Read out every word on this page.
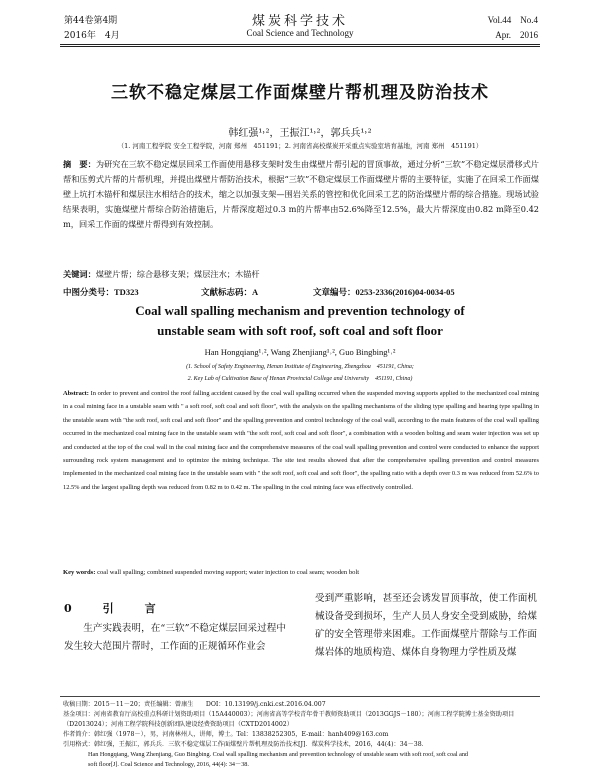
第44卷第4期
2016年　4月
煤炭科学技术
Coal Science and Technology
Vol.44　No.4
Apr.　2016
三软不稳定煤层工作面煤壁片帮机理及防治技术
韩红强¹˒²，王振江¹˒²，郭兵兵¹˒²
（1. 河南工程学院 安全工程学院，河南 郑州　451191；2. 河南省高校煤炭开采重点实验室培育基地，河南 郑州　451191）
摘　要：为研究在三软不稳定煤层回采工作面使用悬移支架时发生由煤壁片帮引起的冒顶事故，通过分析“三软”不稳定煤层滑移式片帮和压剪式片帮的片帮机理，并提出煤壁片帮防治技术，根据“三软”不稳定煤层工作面煤壁片帮的主要特征，实施了在回采工作面煤壁上坑打木锚杆和煤层注水相结合的技术，缩之以加强支架—围岩关系的管控和优化回采工艺的防治煤壁片帮的综合措施。现场试验结果表明，实施煤壁片帮综合防治措施后，片帮深度超过0.3 m的片帮率由52.6%降至12.5%，最大片帮深度由0.82 m降至0.42 m，回采工作面的煤壁片帮得到有效控制。
关键词：煤壁片帮；综合悬移支架；煤层注水；木锚杆
中图分类号：TD323	文献标志码：A	文章编号：0253-2336(2016)04-0034-05
Coal wall spalling mechanism and prevention technology of
unstable seam with soft roof, soft coal and soft floor
Han Hongqiang¹˒², Wang Zhenjiang¹˒², Guo Bingbing¹˒²
(1. School of Safety Engineering, Henan Institute of Engineering, Zhengzhou　451191, China;
2. Key Lab of Cultivation Base of Henan Provincial College and University　451191, China)
Abstract: In order to prevent and control the roof falling accident caused by the coal wall spalling occurred when the suspended moving supports applied to the mechanized coal mining in a coal mining face in a unstable seam with " a soft roof, soft coal and soft floor", with the analysis on the spalling mechanisms of the sliding type spalling and hearing type spalling in the unstable seam with "the soft roof, soft coal and soft floor" and the spalling prevention and control technology of the coal wall, according to the main features of the coal wall spalling occurred in the mechanized coal mining face in the unstable seam with "the soft roof, soft coal and soft floor", a combination with a wooden bolting and seam water injection was set up and conducted at the top of the coal wall in the coal mining face and the comprehensive measures of the coal wall spalling prevention and control were conducted to enhance the support　surrounding rock system management and to optimize the mining technique. The site test results showed that after the comprehensive spalling prevention and control measures implemented in the mechanized coal mining face in the unstable seam with " the soft roof, soft coal and soft floor", the spalling ratio with a depth over 0.3 m was reduced from 52.6% to 12.5% and the largest spalling depth was reduced from 0.82 m to 0.42 m. The spalling in the coal mining face was effectively controlled.
Key words: coal wall spalling; combined suspended moving support; water injection to coal seam; wooden bolt
0　引　言
生产实践表明，在“三软”不稳定煤层回采过程中发生较大范围片帮时，工作面的正规循环作业会
受到严重影响，甚至还会诱发冒顶事故，使工作面机械设备受到损坏，生产人员人身安全受到威胁，给煤矿的安全管理带来困难。工作面煤壁片帮除与工作面煤岩体的地质构造、煤体自身物理力学性质及煤
收稿日期：2015－11－20；责任编辑：曾康生　　DOI：10.13199/j.cnki.cst.2016.04.007
基金项目：河南省教育厅高校重点科研计划资助项目（15A440003）；河南省高等学校青年骨干教师资助项目（2013GGJS－180）；河南工程学院博士基金资助项目（D2013024）；河南工程学院科技创新团队建设经费资助项目（CXTD2014002）
作者简介：韩红强（1978－），男，河南林州人，讲师，博士。Tel：13838252305，E-mail：hanh409@163.com
引用格式：韩红强，王振江，郭兵兵．三软不稳定煤层工作面煤壁片帮机理及防治技术[J]．煤炭科学技术，2016，44(4)：34－38．
Han Hongqiang, Wang Zhenjiang, Guo Bingbing. Coal wall spalling mechanism and prevention technology of unstable seam with soft roof, soft coal and
soft floor[J]. Coal Science and Technology, 2016, 44(4): 34－38.
